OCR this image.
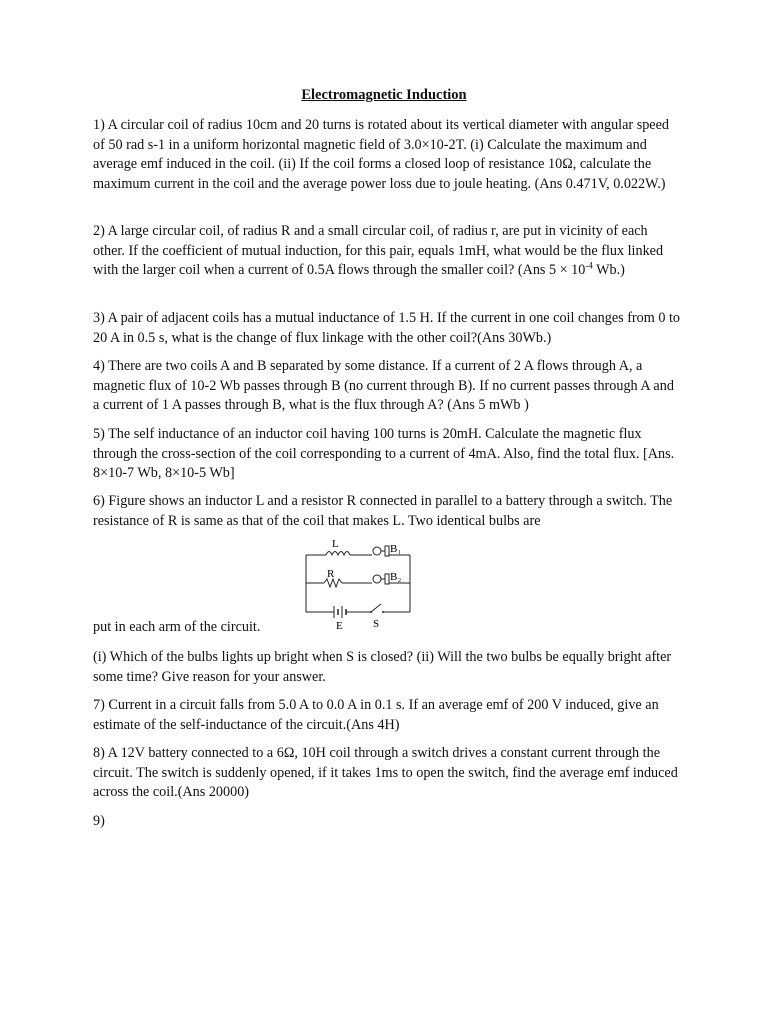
Electromagnetic Induction

1) A circular coil of radius 10cm and 20 turns is rotated about its vertical diameter with angular speed of 50 rad s-1 in a uniform horizontal magnetic field of 3.0×10-2T. (i) Calculate the maximum and average emf induced in the coil. (ii) If the coil forms a closed loop of resistance 10Ω, calculate the maximum current in the coil and the average power loss due to joule heating. (Ans 0.471V, 0.022W.)

2) A large circular coil, of radius R and a small circular coil, of radius r, are put in vicinity of each other. If the coefficient of mutual induction, for this pair, equals 1mH, what would be the flux linked with the larger coil when a current of 0.5A flows through the smaller coil? (Ans $5 \times 10^{-4}$ Wb.)

3) A pair of adjacent coils has a mutual inductance of 1.5 H. If the current in one coil changes from 0 to 20 A in 0.5 s, what is the change of flux linkage with the other coil?(Ans 30Wb.)

4) There are two coils A and B separated by some distance. If a current of 2 A flows through A, a magnetic flux of 10-2 Wb passes through B (no current through B). If no current passes through A and a current of 1 A passes through B, what is the flux through A? (Ans 5 mWb )

5) The self inductance of an inductor coil having 100 turns is 20mH. Calculate the magnetic flux through the cross-section of the coil corresponding to a current of 4mA. Also, find the total flux. [Ans. 8×10-7 Wb, 8×10-5 Wb]

6) Figure shows an inductor L and a resistor R connected in parallel to a battery through a switch. The resistance of R is same as that of the coil that makes L. Two identical bulbs are

L	B 1
R	B 2
E	S

put in each arm of the circuit.

(i) Which of the bulbs lights up bright when S is closed? (ii) Will the two bulbs be equally bright after some time? Give reason for your answer.

7) Current in a circuit falls from 5.0 A to 0.0 A in 0.1 s. If an average emf of 200 V induced, give an estimate of the self-inductance of the circuit.(Ans 4H)

8) A 12V battery connected to a 6Ω, 10H coil through a switch drives a constant current through the circuit. The switch is suddenly opened, if it takes 1ms to open the switch, find the average emf induced across the coil.(Ans 20000)

9)
